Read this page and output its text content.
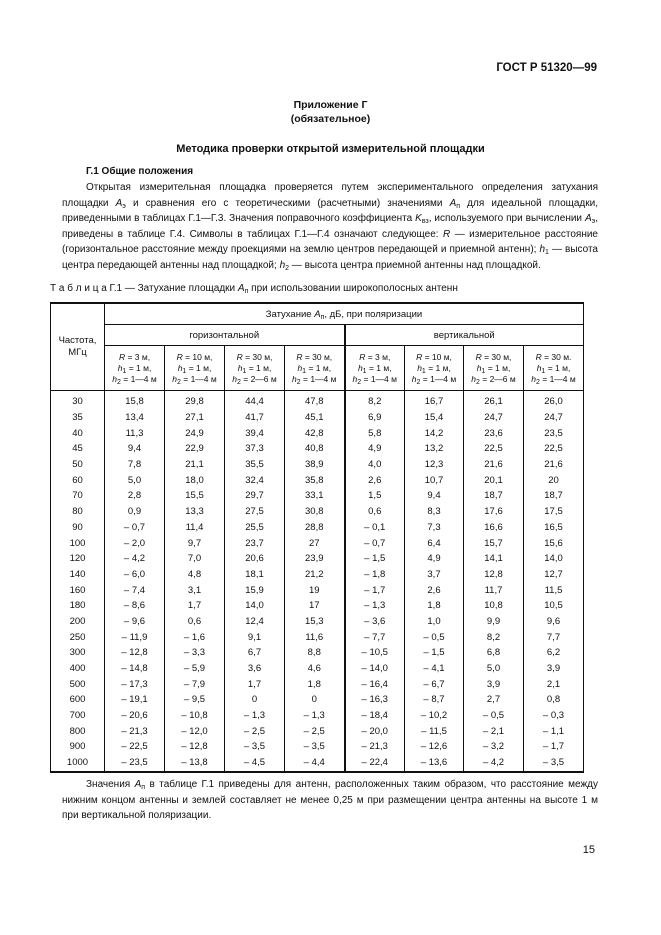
ГОСТ Р 51320—99
Приложение Г
(обязательное)
Методика проверки открытой измерительной площадки
Г.1 Общие положения
Открытая измерительная площадка проверяется путем экспериментального определения затухания площадки $A_э$ и сравнения его с теоретическими (расчетными) значениями $A_п$ для идеальной площадки, приведенными в таблицах Г.1—Г.3. Значения поправочного коэффициента $K_{вз}$, используемого при вычислении $A_э$, приведены в таблице Г.4. Символы в таблицах Г.1—Г.4 означают следующее: R — измерительное расстояние (горизонтальное расстояние между проекциями на землю центров передающей и приемной антенн); $h_1$ — высота центра передающей антенны над площадкой; $h_2$ — высота центра приемной антенны над площадкой.
Т а б л и ц а Г.1 — Затухание площадки $A_п$ при использовании широкополосных антенн
Частота, МГц	Затухание $A_п$, дБ, при поляризации							
	горизонтальной				вертикальной			
	R = 3 м,
$h_1 = 1$ м,
$h_2$ = 1—4 м	R = 10 м,
$h_1 = 1$ м,
$h_2$ = 1—4 м	R = 30 м,
$h_1 = 1$ м,
$h_2$ = 2—6 м	R = 30 м,
$h_1 = 1$ м,
$h_2$ = 1—4 м	R = 3 м,
$h_1 = 1$ м,
$h_2$ = 1—4 м	R = 10 м,
$h_1 = 1$ м,
$h_2$ = 1—4 м	R = 30 м,
$h_1 = 1$ м,
$h_2$ = 2—6 м	R = 30 м.
$h_1 = 1$ м,
$h_2$ = 1—4 м
30	15,8	29,8	44,4	47,8	8,2	16,7	26,1	26,0
35	13,4	27,1	41,7	45,1	6,9	15,4	24,7	24,7
40	11,3	24,9	39,4	42,8	5,8	14,2	23,6	23,5
45	9,4	22,9	37,3	40,8	4,9	13,2	22,5	22,5
50	7,8	21,1	35,5	38,9	4,0	12,3	21,6	21,6
60	5,0	18,0	32,4	35,8	2,6	10,7	20,1	20
70	2,8	15,5	29,7	33,1	1,5	9,4	18,7	18,7
80	0,9	13,3	27,5	30,8	0,6	8,3	17,6	17,5
90	– 0,7	11,4	25,5	28,8	– 0,1	7,3	16,6	16,5
100	– 2,0	9,7	23,7	27	– 0,7	6,4	15,7	15,6
120	– 4,2	7,0	20,6	23,9	– 1,5	4,9	14,1	14,0
140	– 6,0	4,8	18,1	21,2	– 1,8	3,7	12,8	12,7
160	– 7,4	3,1	15,9	19	– 1,7	2,6	11,7	11,5
180	– 8,6	1,7	14,0	17	– 1,3	1,8	10,8	10,5
200	– 9,6	0,6	12,4	15,3	– 3,6	1,0	9,9	9,6
250	– 11,9	– 1,6	9,1	11,6	– 7,7	– 0,5	8,2	7,7
300	– 12,8	– 3,3	6,7	8,8	– 10,5	– 1,5	6,8	6,2
400	– 14,8	– 5,9	3,6	4,6	– 14,0	– 4,1	5,0	3,9
500	– 17,3	– 7,9	1,7	1,8	– 16,4	– 6,7	3,9	2,1
600	– 19,1	– 9,5	0	0	– 16,3	– 8,7	2,7	0,8
700	– 20,6	– 10,8	– 1,3	– 1,3	– 18,4	– 10,2	– 0,5	– 0,3
800	– 21,3	– 12,0	– 2,5	– 2,5	– 20,0	– 11,5	– 2,1	– 1,1
900	– 22,5	– 12,8	– 3,5	– 3,5	– 21,3	– 12,6	– 3,2	– 1,7
1000	– 23,5	– 13,8	– 4,5	– 4,4	– 22,4	– 13,6	– 4,2	– 3,5
Значения $A_п$ в таблице Г.1 приведены для антенн, расположенных таким образом, что расстояние между нижним концом антенны и землей составляет не менее 0,25 м при размещении центра антенны на высоте 1 м при вертикальной поляризации.
15
